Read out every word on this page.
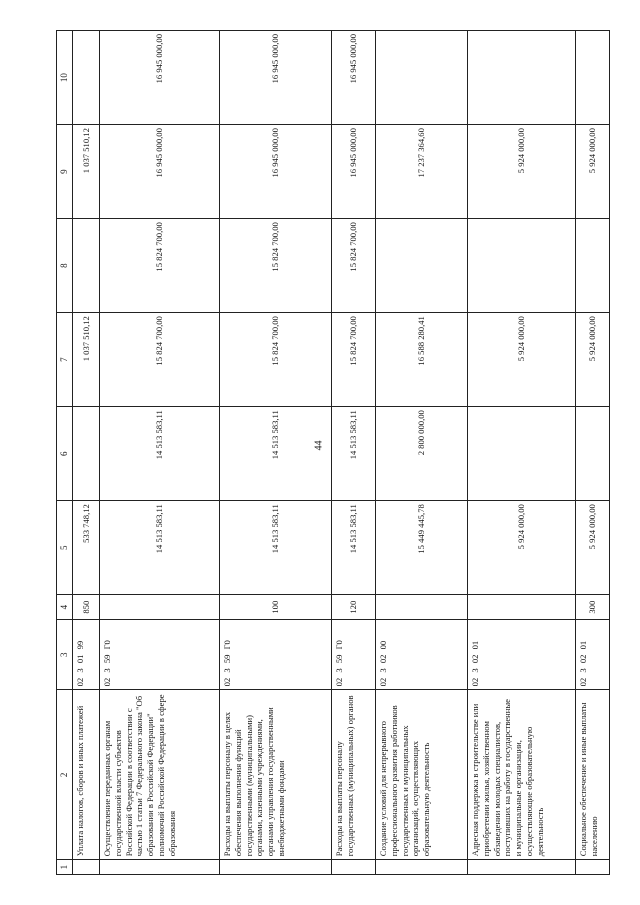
44
1	2	3	4	5	6	7	8	9	10
	Уплата налогов, сборов и иных платежей	02 3 01 99	850	533 748,12		1 037 510,12		1 037 510,12	
	Осуществление переданных органам государственной власти субъектов Российской Федерации в соответствии с частью 1 статьи 7 Федерального закона "Об образовании в Российской Федерации" полномочий Российской Федерации в сфере образования	02 3 59 Г0		14 513 583,11	14 513 583,11	15 824 700,00	15 824 700,00	16 945 000,00	16 945 000,00
	Расходы на выплаты персоналу в целях обеспечения выполнения функций государственными (муниципальными) органами, казенными учреждениями, органами управления государственными внебюджетными фондами	02 3 59 Г0	100	14 513 583,11	14 513 583,11	15 824 700,00	15 824 700,00	16 945 000,00	16 945 000,00
	Расходы на выплаты персоналу государственных (муниципальных) органов	02 3 59 Г0	120	14 513 583,11	14 513 583,11	15 824 700,00	15 824 700,00	16 945 000,00	16 945 000,00
	Создание условий для непрерывного профессионального развития работников государственных и муниципальных организаций, осуществляющих образовательную деятельность	02 3 02 00		15 449 445,78	2 800 000,00	16 588 280,41		17 237 364,60	
	Адресная поддержка в строительстве или приобретении жилья, хозяйственном обзаведении молодых специалистов, поступивших на работу в государственные и муниципальные организации, осуществляющие образовательную деятельность	02 3 02 01		5 924 000,00		5 924 000,00		5 924 000,00	
	Социальное обеспечение и иные выплаты населению	02 3 02 01	300	5 924 000,00		5 924 000,00		5 924 000,00	
